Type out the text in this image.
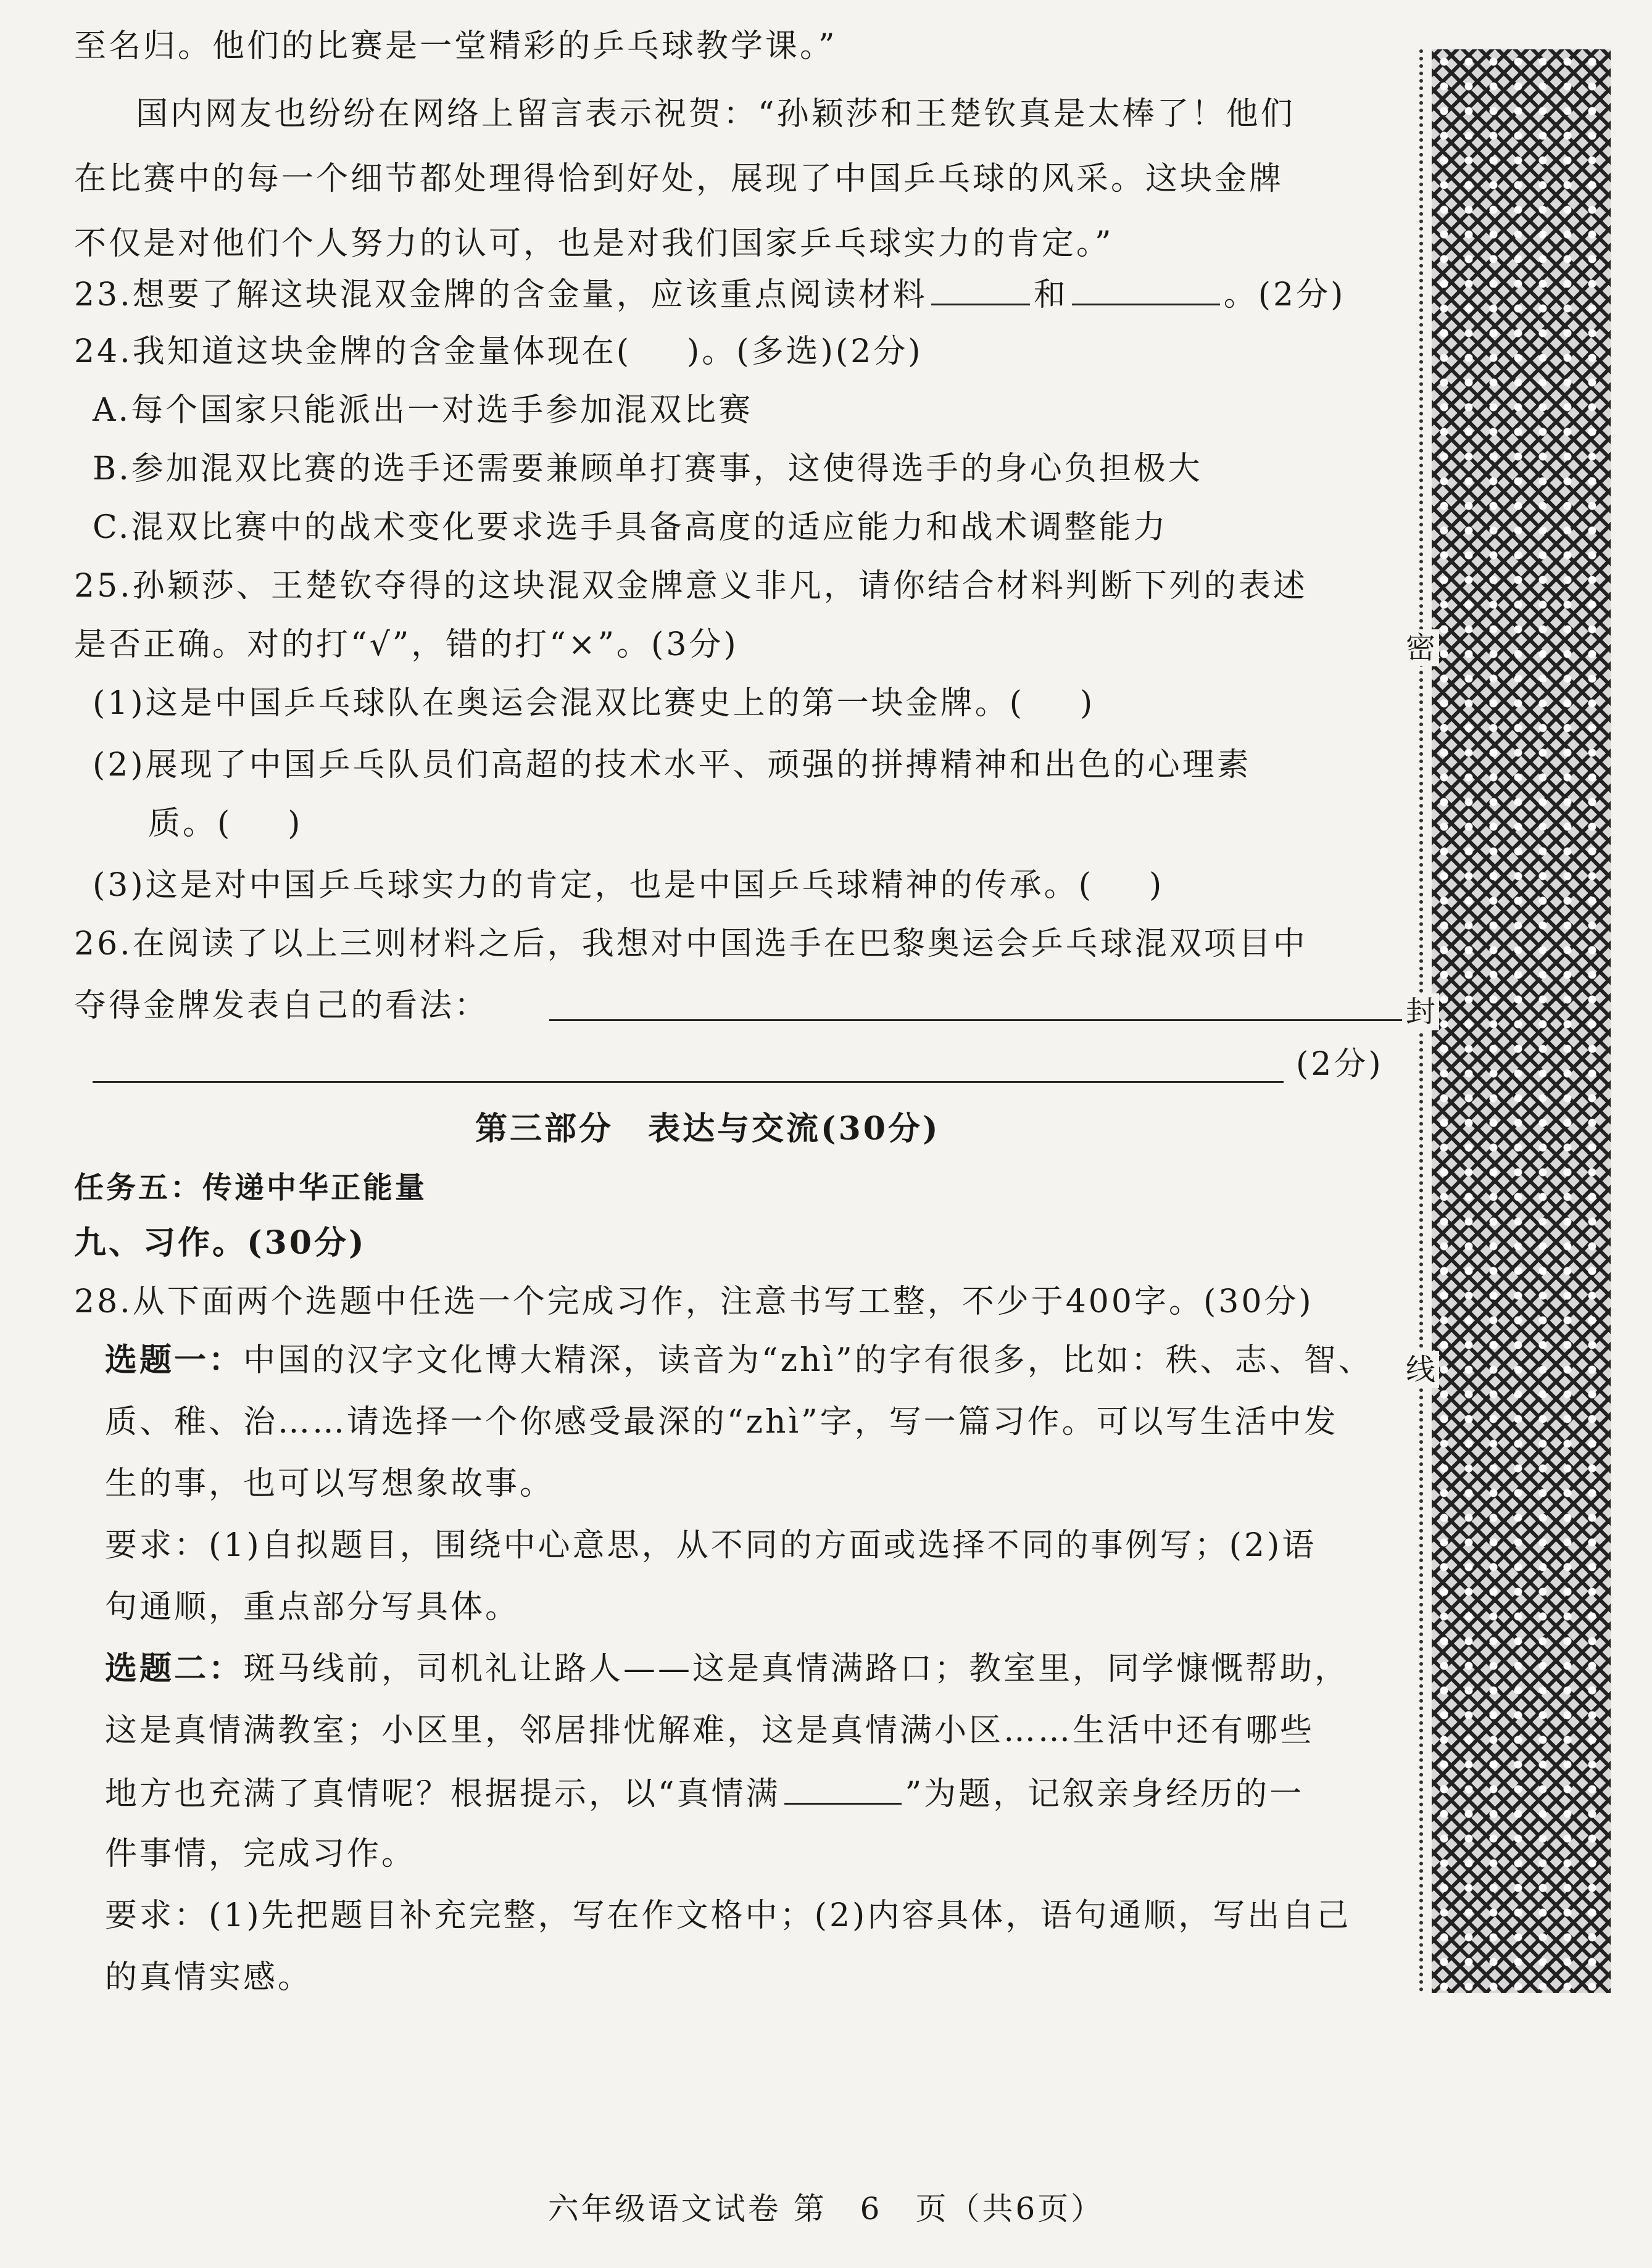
至名归。他们的比赛是一堂精彩的乒乓球教学课。”
国内网友也纷纷在网络上留言表示祝贺：“孙颖莎和王楚钦真是太棒了！他们
在比赛中的每一个细节都处理得恰到好处，展现了中国乒乓球的风采。这块金牌
不仅是对他们个人努力的认可，也是对我们国家乒乓球实力的肯定。”
23.想要了解这块混双金牌的含金量，应该重点阅读材料	和	。(2分)
24.我知道这块金牌的含金量体现在( )。(多选)(2分)
A.每个国家只能派出一对选手参加混双比赛
B.参加混双比赛的选手还需要兼顾单打赛事，这使得选手的身心负担极大
C.混双比赛中的战术变化要求选手具备高度的适应能力和战术调整能力
25.孙颖莎、王楚钦夺得的这块混双金牌意义非凡，请你结合材料判断下列的表述
是否正确。对的打“√”，错的打“×”。(3分)
(1)这是中国乒乓球队在奥运会混双比赛史上的第一块金牌。( )
(2)展现了中国乒乓队员们高超的技术水平、顽强的拼搏精神和出色的心理素
质。( )
(3)这是对中国乒乓球实力的肯定，也是中国乒乓球精神的传承。( )
26.在阅读了以上三则材料之后，我想对中国选手在巴黎奥运会乒乓球混双项目中
夺得金牌发表自己的看法：
(2分)
第三部分　表达与交流(30分)
任务五：传递中华正能量
九、习作。(30分)
28.从下面两个选题中任选一个完成习作，注意书写工整，不少于400字。(30分)
选题一：中国的汉字文化博大精深，读音为“zhì”的字有很多，比如：秩、志、智、
质、稚、治……请选择一个你感受最深的“zhì”字，写一篇习作。可以写生活中发
生的事，也可以写想象故事。
要求：(1)自拟题目，围绕中心意思，从不同的方面或选择不同的事例写；(2)语
句通顺，重点部分写具体。
选题二：斑马线前，司机礼让路人——这是真情满路口；教室里，同学慷慨帮助，
这是真情满教室；小区里，邻居排忧解难，这是真情满小区……生活中还有哪些
地方也充满了真情呢？根据提示，以“真情满	”为题，记叙亲身经历的一
件事情，完成习作。
要求：(1)先把题目补充完整，写在作文格中；(2)内容具体，语句通顺，写出自己
的真情实感。
密
封
线
六年级语文试卷 第　6　页（共6页）
